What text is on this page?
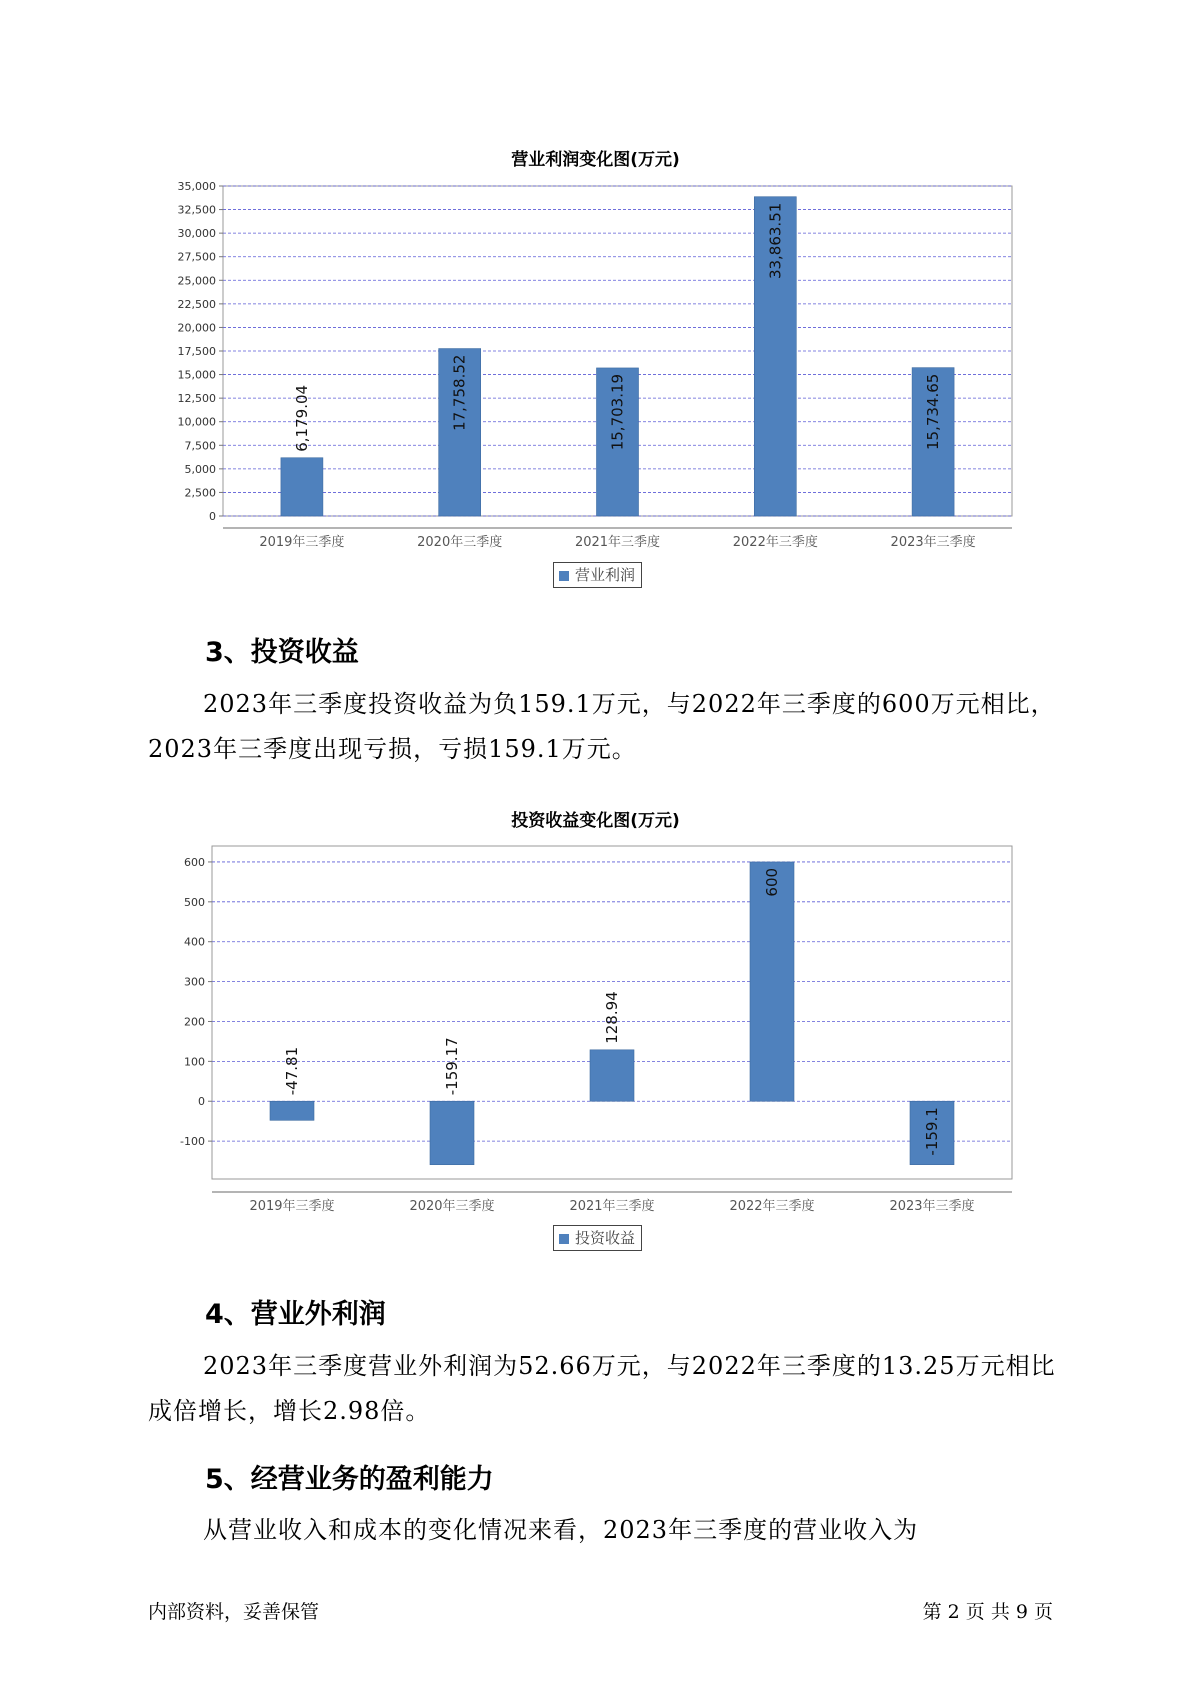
营业利润变化图(万元)
0
2,500
5,000
7,500
10,000
12,500
15,000
17,500
20,000
22,500
25,000
27,500
30,000
32,500
35,000
6,179.04
2019年三季度
17,758.52
2020年三季度
15,703.19
2021年三季度
33,863.51
2022年三季度
15,734.65
2023年三季度
营业利润
3、投资收益

2023年三季度投资收益为负159.1万元，与2022年三季度的600万元相比，2023年三季度出现亏损，亏损159.1万元。

投资收益变化图(万元)
-100
0
100
200
300
400
500
600
-47.81
2019年三季度
-159.17
2020年三季度
128.94
2021年三季度
600
2022年三季度
-159.1
2023年三季度
投资收益
4、营业外利润

2023年三季度营业外利润为52.66万元，与2022年三季度的13.25万元相比成倍增长，增长2.98倍。

5、经营业务的盈利能力

从营业收入和成本的变化情况来看，2023年三季度的营业收入为

内部资料，妥善保管	第 2 页 共 9 页
